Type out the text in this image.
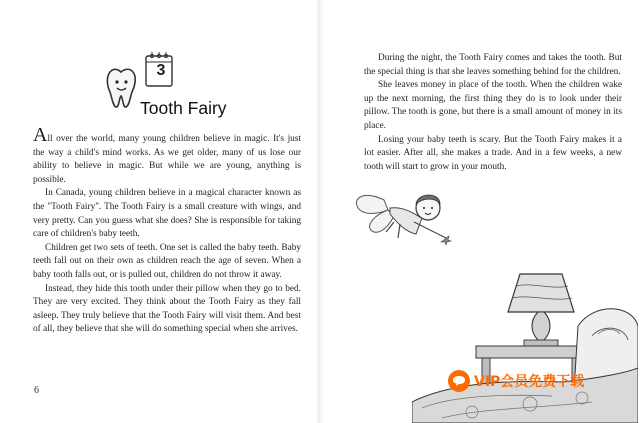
3
Tooth Fairy

All over the world, many young children believe in magic. It's just the way a child's mind works. As we get older, many of us lose our ability to believe in magic. But while we are young, anything is possible.

In Canada, young children believe in a magical character known as the "Tooth Fairy". The Tooth Fairy is a small creature with wings, and very pretty. Can you guess what she does? She is responsible for taking care of children's baby teeth.

Children get two sets of teeth. One set is called the baby teeth. Baby teeth fall out on their own as children reach the age of seven. When a baby tooth falls out, or is pulled out, children do not throw it away.

Instead, they hide this tooth under their pillow when they go to bed. They are very excited. They think about the Tooth Fairy as they fall asleep. They truly believe that the Tooth Fairy will visit them. And best of all, they believe that she will do something special when she arrives.

6

During the night, the Tooth Fairy comes and takes the tooth. But the special thing is that she leaves something behind for the children.

She leaves money in place of the tooth. When the children wake up the next morning, the first thing they do is to look under their pillow. The tooth is gone, but there is a small amount of money in its place.

Losing your baby teeth is scary. But the Tooth Fairy makes it a lot easier. After all, she makes a trade. And in a few weeks, a new tooth will start to grow in your mouth.

VIP会员免费下载
